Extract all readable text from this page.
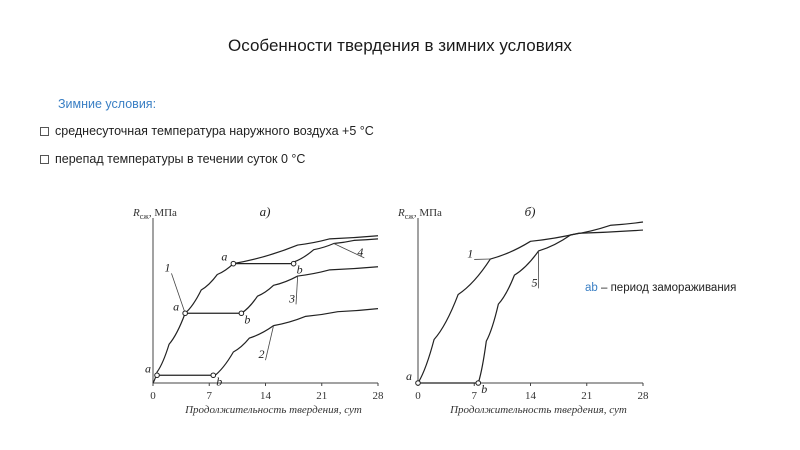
Особенности твердения в зимних условиях
Зимние условия:
среднесуточная температура наружного воздуха +5 °С
перепад температуры в течении суток 0 °С
$R_{сж}$, МПа	а)
0	7	14	21	28
Продолжительность твердения, сут
1
4
3
2
a
b
a
b
a
b
$R_{сж}$, МПа	б)
0	7	14	21	28
Продолжительность твердения, сут
1
5
a
b
ab – период замораживания
